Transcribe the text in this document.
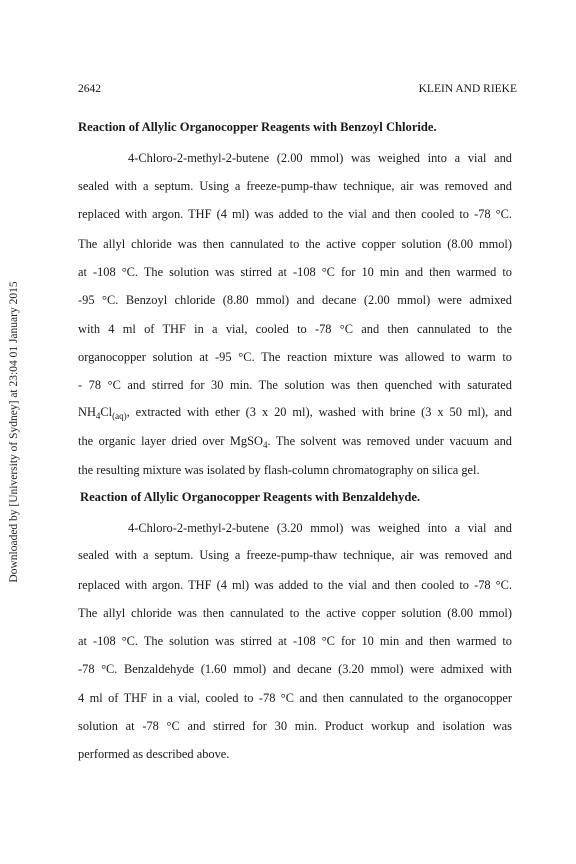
2642	KLEIN AND RIEKE
Downloaded by [University of Sydney] at 23:04 01 January 2015
Reaction of Allylic Organocopper Reagents with Benzoyl Chloride.
4-Chloro-2-methyl-2-butene (2.00 mmol) was weighed into a vial and
sealed with a septum. Using a freeze-pump-thaw technique, air was removed and
replaced with argon. THF (4 ml) was added to the vial and then cooled to -78 °C.
The allyl chloride was then cannulated to the active copper solution (8.00 mmol)
at -108 °C. The solution was stirred at -108 °C for 10 min and then warmed to
-95 °C. Benzoyl chloride (8.80 mmol) and decane (2.00 mmol) were admixed
with 4 ml of THF in a vial, cooled to -78 °C and then cannulated to the
organocopper solution at -95 °C. The reaction mixture was allowed to warm to
- 78 °C and stirred for 30 min. The solution was then quenched with saturated
$NH_4Cl_{(aq)}$, extracted with ether (3 x 20 ml), washed with brine (3 x 50 ml), and
the organic layer dried over MgSO$_4$. The solvent was removed under vacuum and
the resulting mixture was isolated by flash-column chromatography on silica gel.
Reaction of Allylic Organocopper Reagents with Benzaldehyde.
4-Chloro-2-methyl-2-butene (3.20 mmol) was weighed into a vial and
sealed with a septum. Using a freeze-pump-thaw technique, air was removed and
replaced with argon. THF (4 ml) was added to the vial and then cooled to -78 °C.
The allyl chloride was then cannulated to the active copper solution (8.00 mmol)
at -108 °C. The solution was stirred at -108 °C for 10 min and then warmed to
-78 °C. Benzaldehyde (1.60 mmol) and decane (3.20 mmol) were admixed with
4 ml of THF in a vial, cooled to -78 °C and then cannulated to the organocopper
solution at -78 °C and stirred for 30 min. Product workup and isolation was
performed as described above.
